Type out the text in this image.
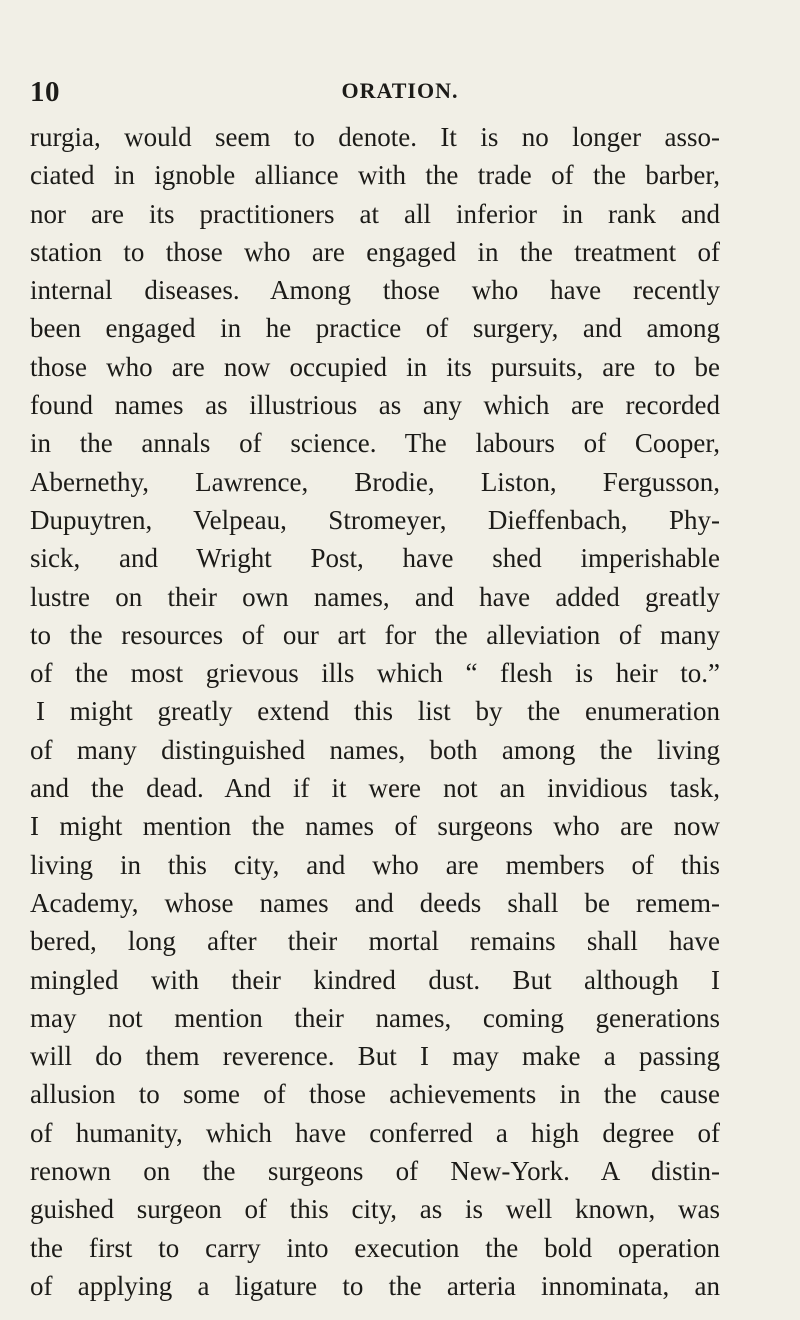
10	ORATION.
rurgia, would seem to denote. It is no longer asso-
ciated in ignoble alliance with the trade of the barber,
nor are its practitioners at all inferior in rank and
station to those who are engaged in the treatment of
internal diseases. Among those who have recently
been engaged in he practice of surgery, and among
those who are now occupied in its pursuits, are to be
found names as illustrious as any which are recorded
in the annals of science. The labours of Cooper,
Abernethy, Lawrence, Brodie, Liston, Fergusson,
Dupuytren, Velpeau, Stromeyer, Dieffenbach, Phy-
sick, and Wright Post, have shed imperishable
lustre on their own names, and have added greatly
to the resources of our art for the alleviation of many
of the most grievous ills which “ flesh is heir to.”
I might greatly extend this list by the enumeration
of many distinguished names, both among the living
and the dead. And if it were not an invidious task,
I might mention the names of surgeons who are now
living in this city, and who are members of this
Academy, whose names and deeds shall be remem-
bered, long after their mortal remains shall have
mingled with their kindred dust. But although I
may not mention their names, coming generations
will do them reverence. But I may make a passing
allusion to some of those achievements in the cause
of humanity, which have conferred a high degree of
renown on the surgeons of New-York. A distin-
guished surgeon of this city, as is well known, was
the first to carry into execution the bold operation
of applying a ligature to the arteria innominata, an
